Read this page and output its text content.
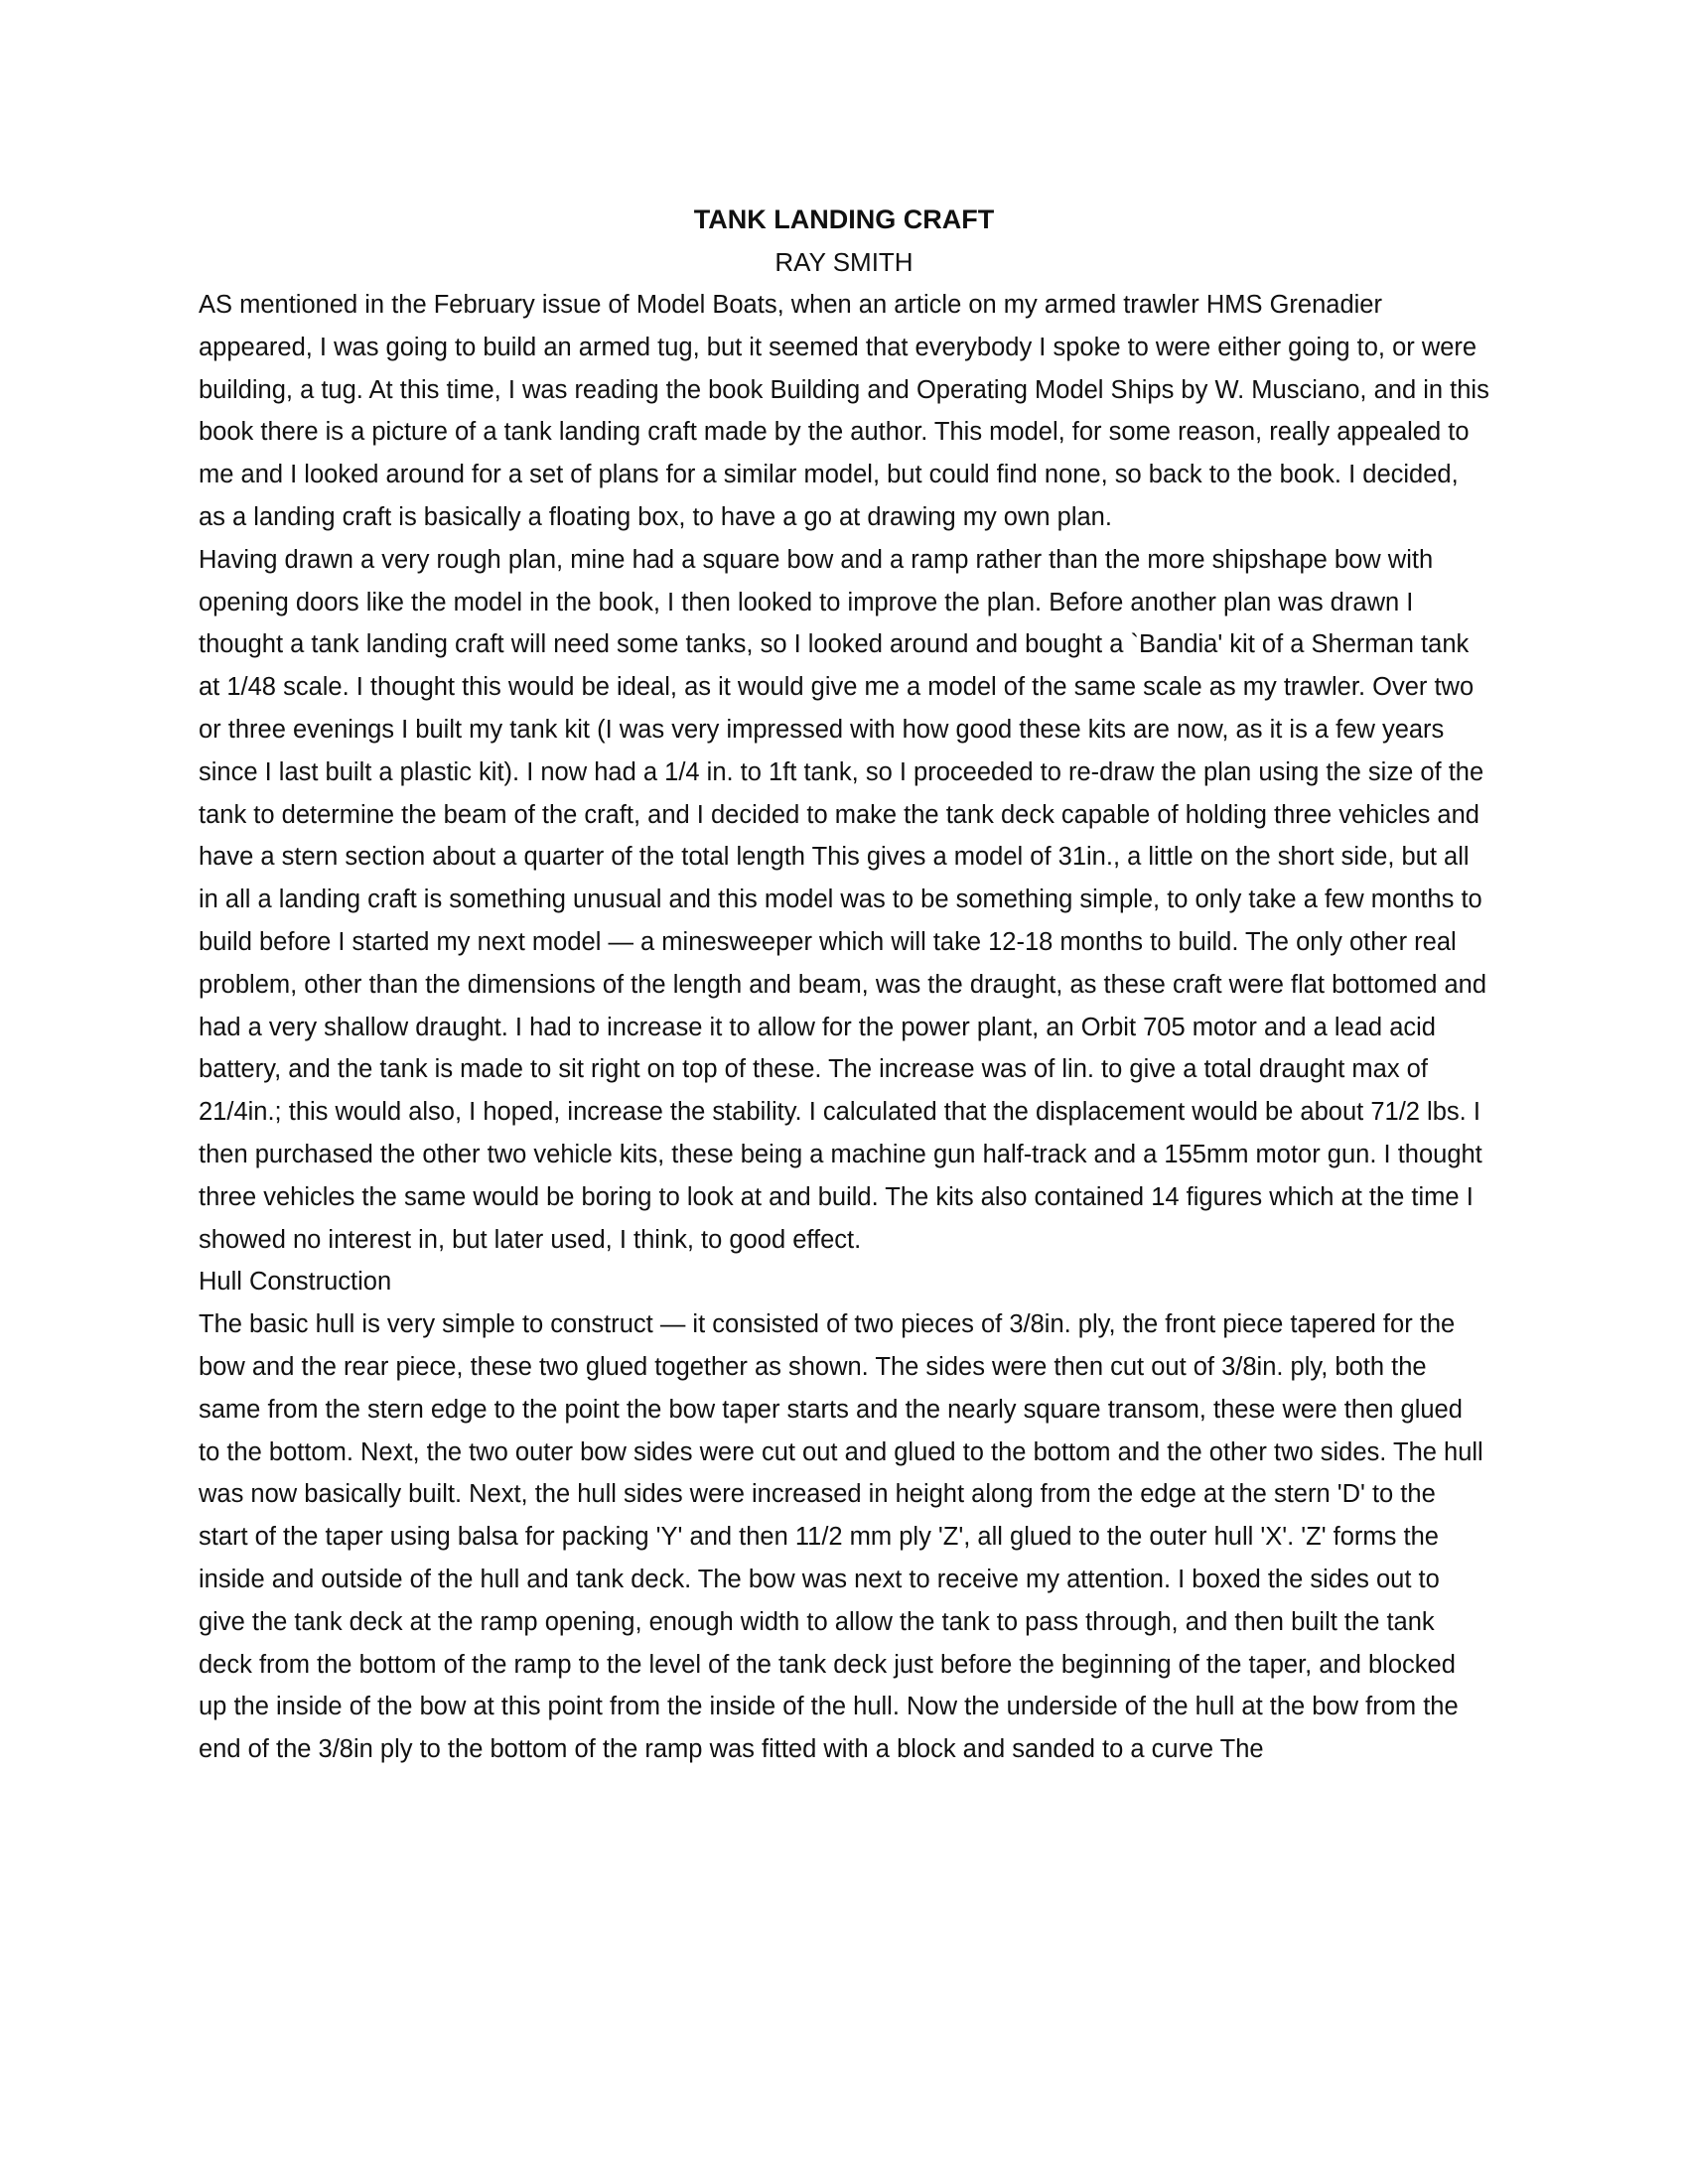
TANK LANDING CRAFT

RAY SMITH

AS mentioned in the February issue of Model Boats, when an article on my armed trawler HMS Grenadier appeared, I was going to build an armed tug, but it seemed that everybody I spoke to were either going to, or were building, a tug. At this time, I was reading the book Building and Operating Model Ships by W. Musciano, and in this book there is a picture of a tank landing craft made by the author. This model, for some reason, really appealed to me and I looked around for a set of plans for a similar model, but could find none, so back to the book. I decided, as a landing craft is basically a floating box, to have a go at drawing my own plan.

Having drawn a very rough plan, mine had a square bow and a ramp rather than the more shipshape bow with opening doors like the model in the book, I then looked to improve the plan. Before another plan was drawn I thought a tank landing craft will need some tanks, so I looked around and bought a `Bandia' kit of a Sherman tank at 1/48 scale. I thought this would be ideal, as it would give me a model of the same scale as my trawler. Over two or three evenings I built my tank kit (I was very impressed with how good these kits are now, as it is a few years since I last built a plastic kit). I now had a 1/4 in. to 1ft tank, so I proceeded to re-draw the plan using the size of the tank to determine the beam of the craft, and I decided to make the tank deck capable of holding three vehicles and have a stern section about a quarter of the total length This gives a model of 31in., a little on the short side, but all in all a landing craft is something unusual and this model was to be something simple, to only take a few months to build before I started my next model — a minesweeper which will take 12-18 months to build. The only other real problem, other than the dimensions of the length and beam, was the draught, as these craft were flat bottomed and had a very shallow draught. I had to increase it to allow for the power plant, an Orbit 705 motor and a lead acid battery, and the tank is made to sit right on top of these. The increase was of lin. to give a total draught max of 21/4in.; this would also, I hoped, increase the stability. I calculated that the displacement would be about 71/2 lbs. I then purchased the other two vehicle kits, these being a machine gun half-track and a 155mm motor gun. I thought three vehicles the same would be boring to look at and build. The kits also contained 14 figures which at the time I showed no interest in, but later used, I think, to good effect.

Hull Construction

The basic hull is very simple to construct — it consisted of two pieces of 3/8in. ply, the front piece tapered for the bow and the rear piece, these two glued together as shown. The sides were then cut out of 3/8in. ply, both the same from the stern edge to the point the bow taper starts and the nearly square transom, these were then glued to the bottom. Next, the two outer bow sides were cut out and glued to the bottom and the other two sides. The hull was now basically built. Next, the hull sides were increased in height along from the edge at the stern 'D' to the start of the taper using balsa for packing 'Y' and then 11/2 mm ply 'Z', all glued to the outer hull 'X'. 'Z' forms the inside and outside of the hull and tank deck. The bow was next to receive my attention. I boxed the sides out to give the tank deck at the ramp opening, enough width to allow the tank to pass through, and then built the tank deck from the bottom of the ramp to the level of the tank deck just before the beginning of the taper, and blocked up the inside of the bow at this point from the inside of the hull. Now the underside of the hull at the bow from the end of the 3/8in ply to the bottom of the ramp was fitted with a block and sanded to a curve The
